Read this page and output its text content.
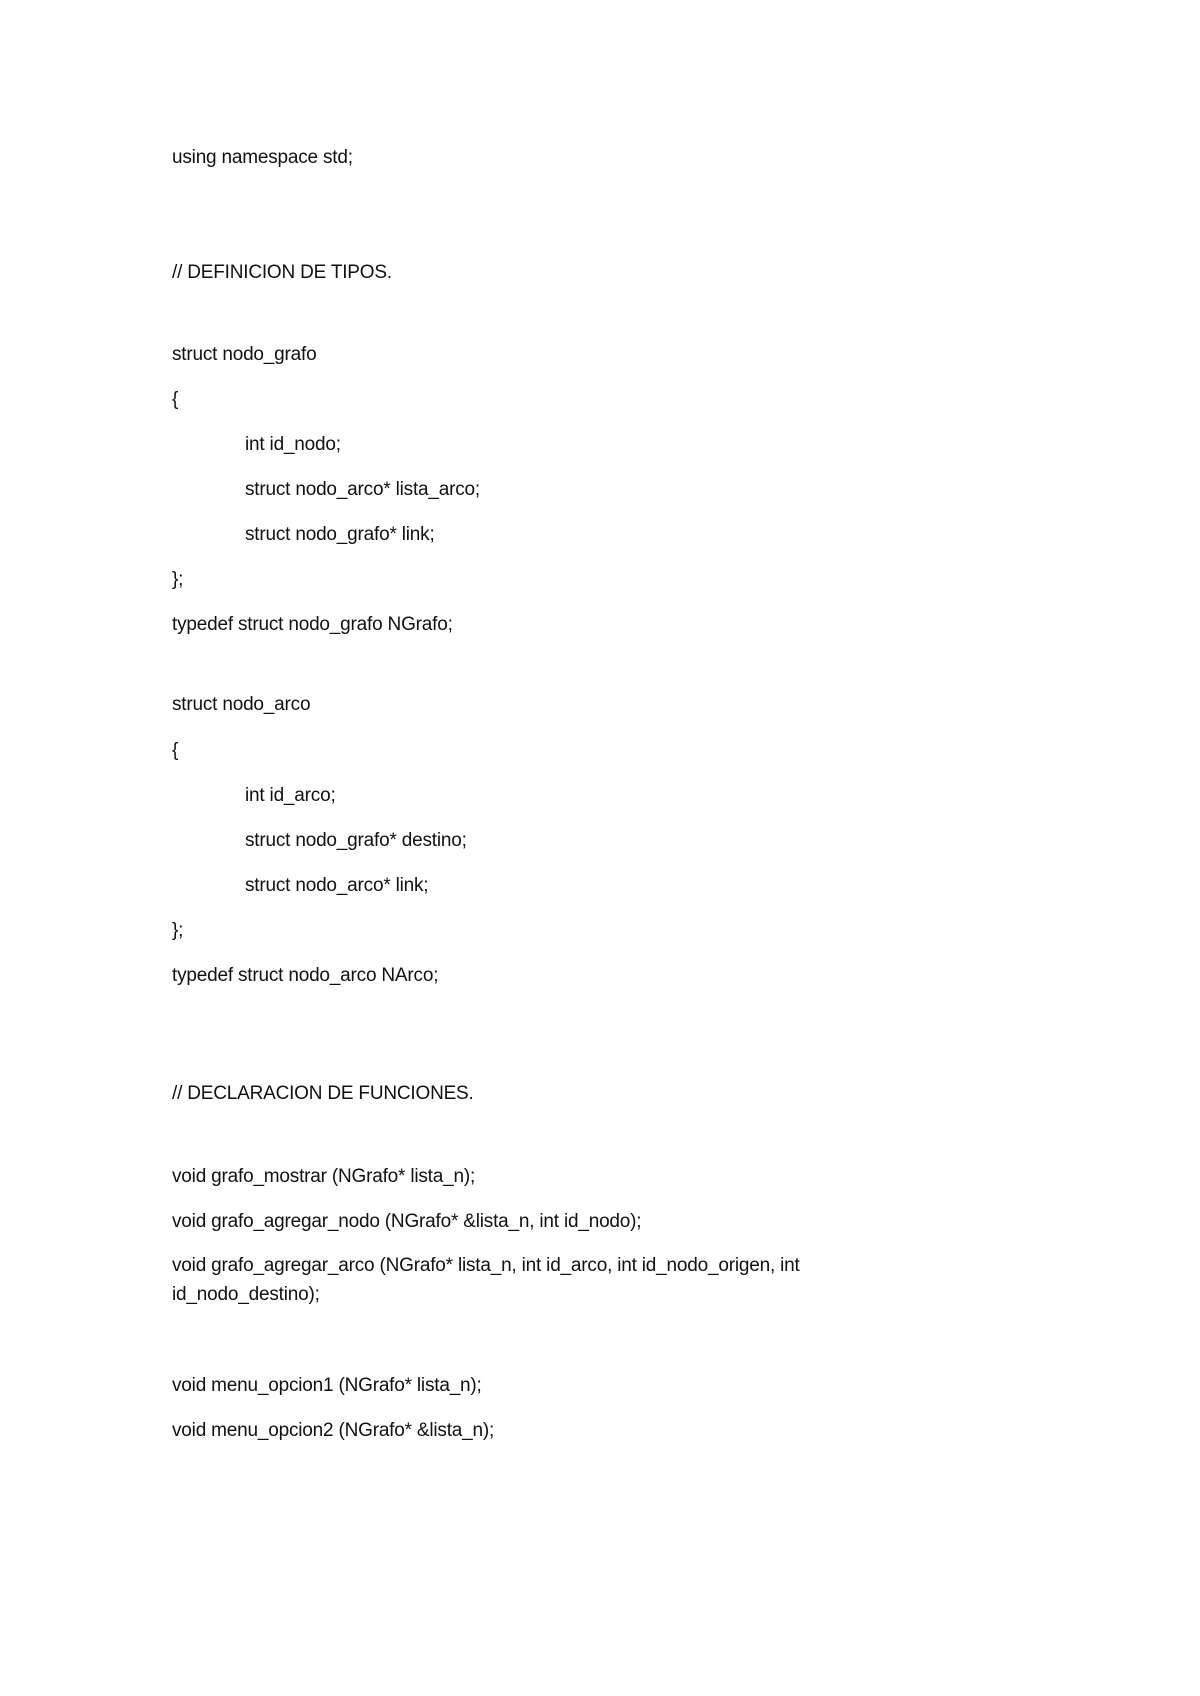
using namespace std;
// DEFINICION DE TIPOS.
struct nodo_grafo
{
int id_nodo;
struct nodo_arco* lista_arco;
struct nodo_grafo* link;
};
typedef struct nodo_grafo NGrafo;
struct nodo_arco
{
int id_arco;
struct nodo_grafo* destino;
struct nodo_arco* link;
};
typedef struct nodo_arco NArco;
// DECLARACION DE FUNCIONES.
void grafo_mostrar (NGrafo* lista_n);
void grafo_agregar_nodo (NGrafo* &lista_n, int id_nodo);
void grafo_agregar_arco (NGrafo* lista_n, int id_arco, int id_nodo_origen, int id_nodo_destino);
void menu_opcion1 (NGrafo* lista_n);
void menu_opcion2 (NGrafo* &lista_n);
